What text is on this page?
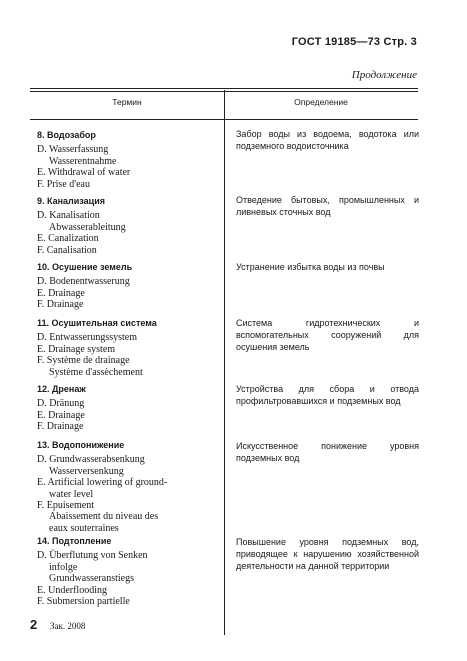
ГОСТ 19185—73 Стр. 3
Продолжение
Термин	Определение
8. Водозабор
D. Wasserfassung
Wasserentnahme
E. Withdrawal of water
F. Prise d'eau
Забор воды из водоема, водотока или подземного водоисточника
9. Канализация
D. Kanalisation
Abwasserableitung
E. Canalization
F. Canalisation
Отведение бытовых, промышленных и ливневых сточных вод
10. Осушение земель
D. Bodenentwasserung
E. Drainage
F. Drainage
Устранение избытка воды из почвы
11. Осушительная система
D. Entwasserungssystem
E. Drainage system
F. Système de drainage
Système d'assèchement
Система гидротехнических и вспомогательных сооружений для осушения земель
12. Дренаж
D. Dränung
E. Drainage
F. Drainage
Устройства для сбора и отвода профильтровавшихся и подземных вод
13. Водопонижение
D. Grundwasserabsenkung
Wasserversenkung
E. Artificial lowering of ground-
water level
F. Epuisement
Abaissement du niveau des
eaux souterraines
Искусственное понижение уровня подземных вод
14. Подтопление
D. Überflutung von Senken
infolge
Grundwasseranstiegs
E. Underflooding
F. Submersion partielle
Повышение уровня подземных вод, приводящее к нарушению хозяйственной деятельности на данной территории
2 Зак. 2008
